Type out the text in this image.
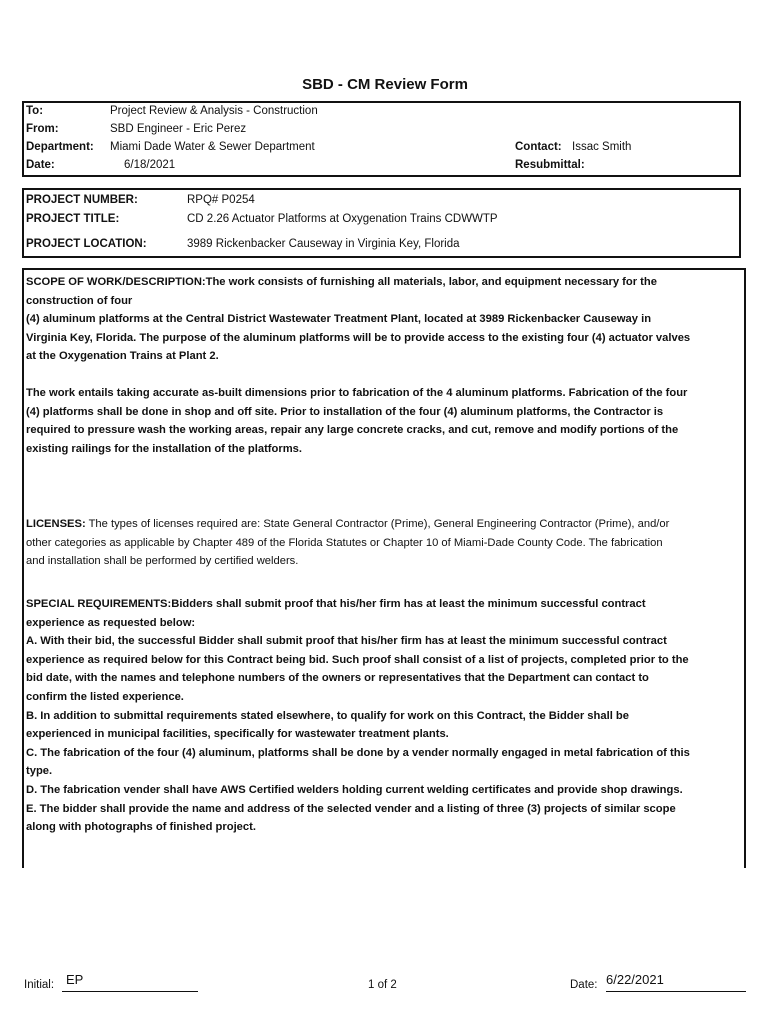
SBD - CM Review Form
To:	Project Review & Analysis - Construction
From:	SBD Engineer - Eric Perez
Department: Miami Dade Water & Sewer Department
Date:	6/18/2021
Contact: Issac Smith
Resubmittal:
PROJECT NUMBER:	RPQ# P0254
PROJECT TITLE:	CD 2.26 Actuator Platforms at Oxygenation Trains CDWWTP
PROJECT LOCATION:	3989 Rickenbacker Causeway in Virginia Key, Florida
SCOPE OF WORK/DESCRIPTION:The work consists of furnishing all materials, labor, and equipment necessary for the
construction of four
(4) aluminum platforms at the Central District Wastewater Treatment Plant, located at 3989 Rickenbacker Causeway in
Virginia Key, Florida. The purpose of the aluminum platforms will be to provide access to the existing four (4) actuator valves
at the Oxygenation Trains at Plant 2.
The work entails taking accurate as-built dimensions prior to fabrication of the 4 aluminum platforms. Fabrication of the four
(4) platforms shall be done in shop and off site. Prior to installation of the four (4) aluminum platforms, the Contractor is
required to pressure wash the working areas, repair any large concrete cracks, and cut, remove and modify portions of the
existing railings for the installation of the platforms.
LICENSES: The types of licenses required are: State General Contractor (Prime), General Engineering Contractor (Prime), and/or
other categories as applicable by Chapter 489 of the Florida Statutes or Chapter 10 of Miami-Dade County Code. The fabrication
and installation shall be performed by certified welders.
SPECIAL REQUIREMENTS:Bidders shall submit proof that his/her firm has at least the minimum successful contract
experience as requested below:
A. With their bid, the successful Bidder shall submit proof that his/her firm has at least the minimum successful contract
experience as required below for this Contract being bid. Such proof shall consist of a list of projects, completed prior to the
bid date, with the names and telephone numbers of the owners or representatives that the Department can contact to
confirm the listed experience.
B. In addition to submittal requirements stated elsewhere, to qualify for work on this Contract, the Bidder shall be
experienced in municipal facilities, specifically for wastewater treatment plants.
C. The fabrication of the four (4) aluminum, platforms shall be done by a vender normally engaged in metal fabrication of this
type.
D. The fabrication vender shall have AWS Certified welders holding current welding certificates and provide shop drawings.
E. The bidder shall provide the name and address of the selected vender and a listing of three (3) projects of similar scope
along with photographs of finished project.
Initial: EP	1 of 2	Date: 6/22/2021
